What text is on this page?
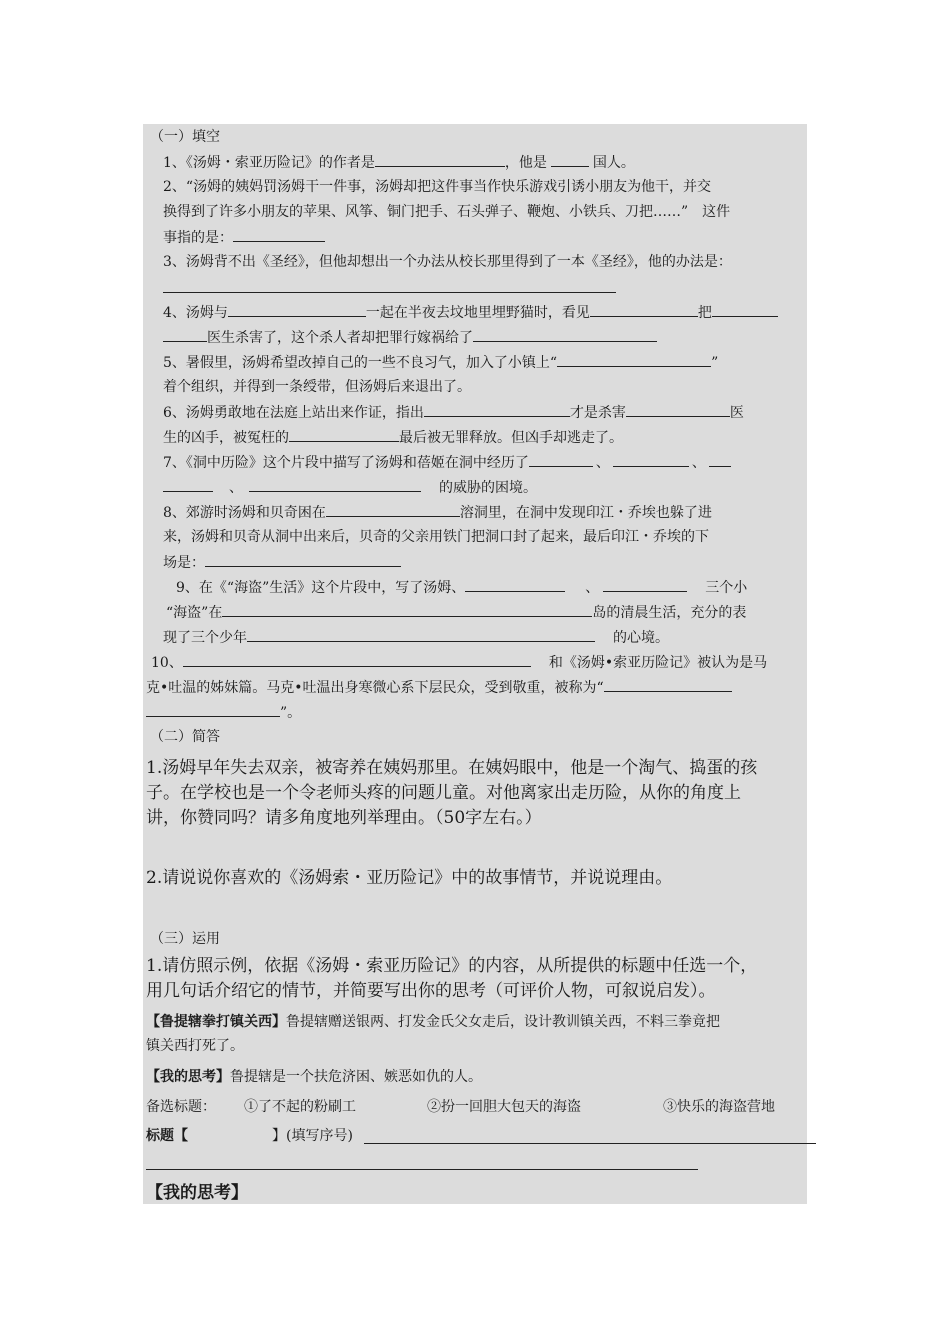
（一）填空
1、《汤姆・索亚历险记》的作者是	，他是	国人。
2、“汤姆的姨妈罚汤姆干一件事，汤姆却把这件事当作快乐游戏引诱小朋友为他干，并交
换得到了许多小朋友的苹果、风筝、铜门把手、石头弹子、鞭炮、小铁兵、刀把……”　这件
事指的是：
3、汤姆背不出《圣经》，但他却想出一个办法从校长那里得到了一本《圣经》，他的办法是：
4、汤姆与	一起在半夜去坟地里埋野猫时，看见	把
医生杀害了，这个杀人者却把罪行嫁祸给了
5、暑假里，汤姆希望改掉自己的一些不良习气，加入了小镇上“	”
着个组织，并得到一条绶带，但汤姆后来退出了。
6、汤姆勇敢地在法庭上站出来作证，指出	才是杀害	医
生的凶手，被冤枉的	最后被无罪释放。但凶手却逃走了。
7、《洞中历险》这个片段中描写了汤姆和蓓姬在洞中经历了	、	、
、	的威胁的困境。
8、郊游时汤姆和贝奇困在	溶洞里，在洞中发现印江・乔埃也躲了进
来，汤姆和贝奇从洞中出来后，贝奇的父亲用铁门把洞口封了起来，最后印江・乔埃的下
场是：
9、在《“海盗”生活》这个片段中，写了汤姆、	、	三个小
“海盗”在	岛的清晨生活，充分的表
现了三个少年	的心境。
10、	和《汤姆•索亚历险记》被认为是马
克•吐温的姊妹篇。马克•吐温出身寒微心系下层民众，受到敬重，被称为“
”。
（二）简答
1.汤姆早年失去双亲，被寄养在姨妈那里。在姨妈眼中，他是一个淘气、捣蛋的孩
子。在学校也是一个令老师头疼的问题儿童。对他离家出走历险，从你的角度上
讲，你赞同吗？请多角度地列举理由。（50字左右。）
2.请说说你喜欢的《汤姆索・亚历险记》中的故事情节，并说说理由。
（三）运用
1.请仿照示例，依据《汤姆・索亚历险记》的内容，从所提供的标题中任选一个，
用几句话介绍它的情节，并简要写出你的思考（可评价人物，可叙说启发）。
【鲁提辖拳打镇关西】鲁提辖赠送银两、打发金氏父女走后，设计教训镇关西，不料三拳竟把
镇关西打死了。
【我的思考】鲁提辖是一个扶危济困、嫉恶如仇的人。
备选标题： ①了不起的粉刷工	②扮一回胆大包天的海盗	③快乐的海盗营地
标题【	】(填写序号)
【我的思考】
